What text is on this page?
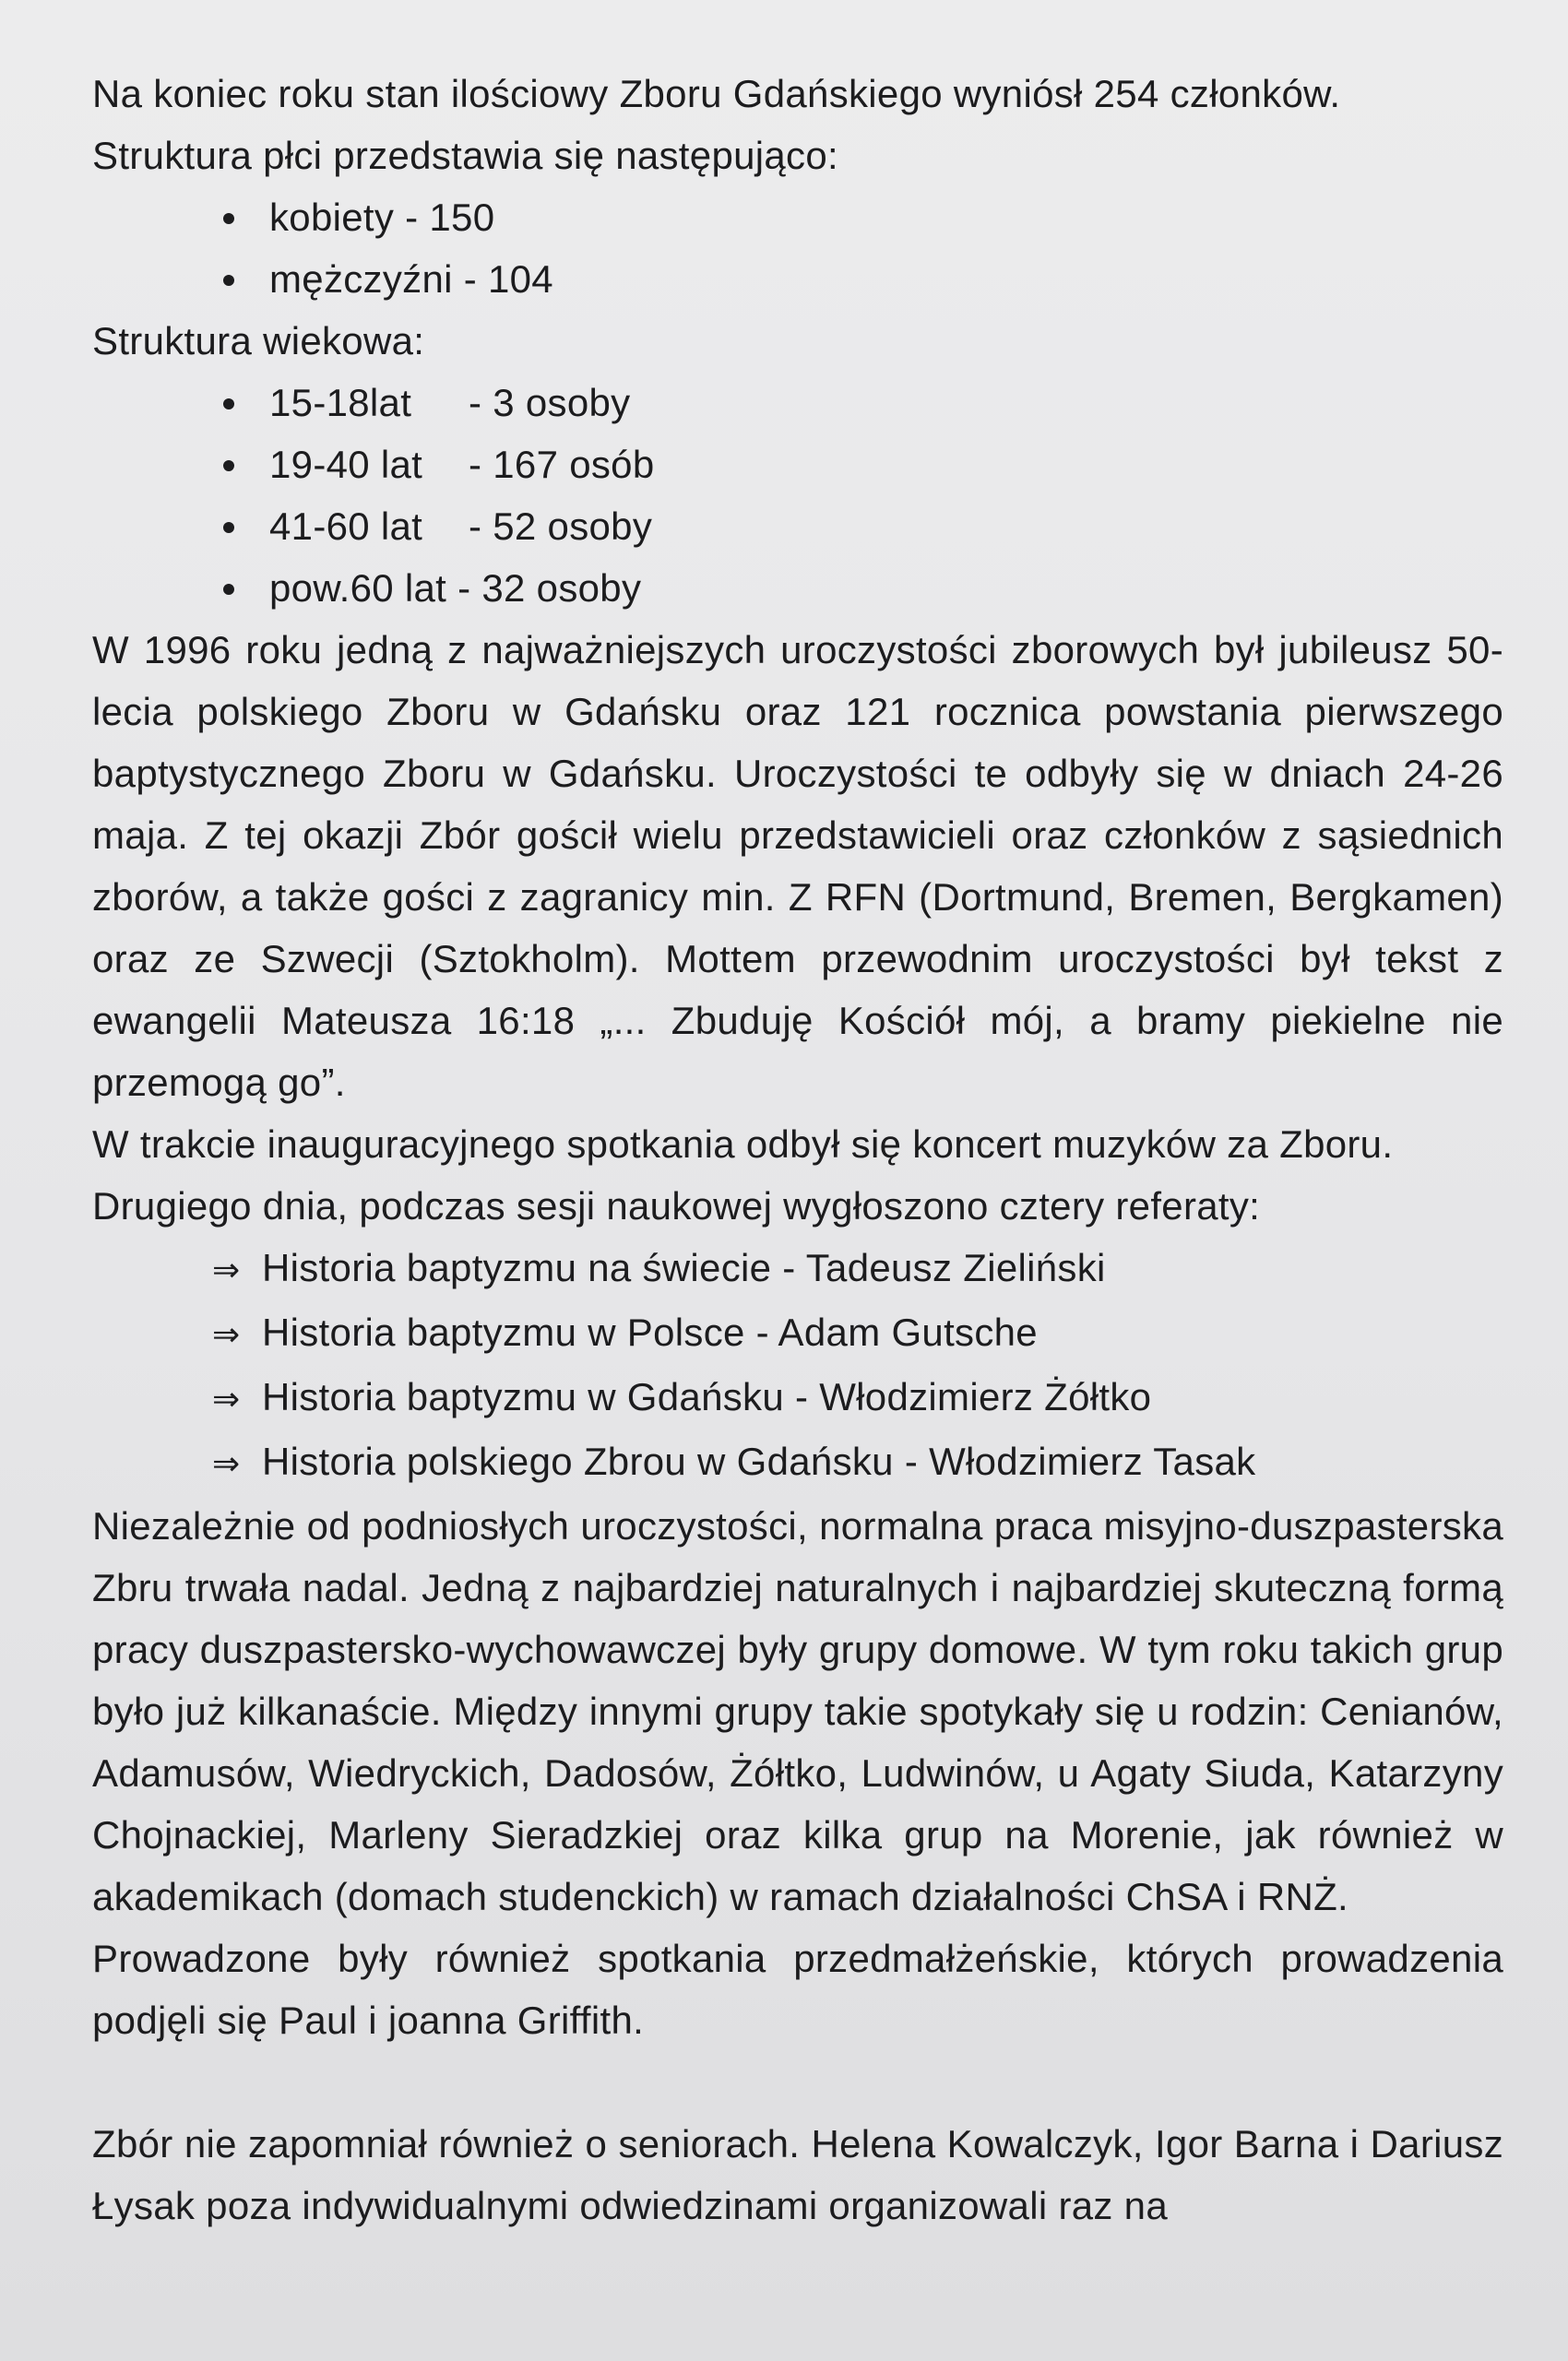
Na koniec roku stan ilościowy Zboru Gdańskiego wyniósł 254 członków.

Struktura płci przedstawia się następująco:

kobiety - 150
mężczyźni - 104

Struktura wiekowa:

15-18lat - 3 osoby
19-40 lat - 167 osób
41-60 lat - 52 osoby
pow.60 lat - 32 osoby

W 1996 roku jedną z najważniejszych uroczystości zborowych był jubileusz 50-lecia polskiego Zboru w Gdańsku oraz 121 rocznica powstania pierwszego baptystycznego Zboru w Gdańsku. Uroczystości te odbyły się w dniach 24-26 maja. Z tej okazji Zbór gościł wielu przedstawicieli oraz członków z sąsiednich zborów, a także gości z zagranicy min. Z RFN (Dortmund, Bremen, Bergkamen) oraz ze Szwecji (Sztokholm). Mottem przewodnim uroczystości był tekst z ewangelii Mateusza 16:18 „... Zbuduję Kościół mój, a bramy piekielne nie przemogą go”.

W trakcie inauguracyjnego spotkania odbył się koncert muzyków za Zboru.

Drugiego dnia, podczas sesji naukowej wygłoszono cztery referaty:

⇒ Historia baptyzmu na świecie - Tadeusz Zieliński
⇒ Historia baptyzmu w Polsce - Adam Gutsche
⇒ Historia baptyzmu w Gdańsku - Włodzimierz Żółtko
⇒ Historia polskiego Zbrou w Gdańsku - Włodzimierz Tasak

Niezależnie od podniosłych uroczystości, normalna praca misyjno-duszpasterska Zbru trwała nadal. Jedną z najbardziej naturalnych i najbardziej skuteczną formą pracy duszpastersko-wychowawczej były grupy domowe. W tym roku takich grup było już kilkanaście. Między innymi grupy takie spotykały się u rodzin: Cenianów, Adamusów, Wiedryckich, Dadosów, Żółtko, Ludwinów, u Agaty Siuda, Katarzyny Chojnackiej, Marleny Sieradzkiej oraz kilka grup na Morenie, jak również w akademikach (domach studenckich) w ramach działalności ChSA i RNŻ.

Prowadzone były również spotkania przedmałżeńskie, których prowadzenia podjęli się Paul i joanna Griffith.

Zbór nie zapomniał również o seniorach. Helena Kowalczyk, Igor Barna i Dariusz Łysak poza indywidualnymi odwiedzinami organizowali raz na
